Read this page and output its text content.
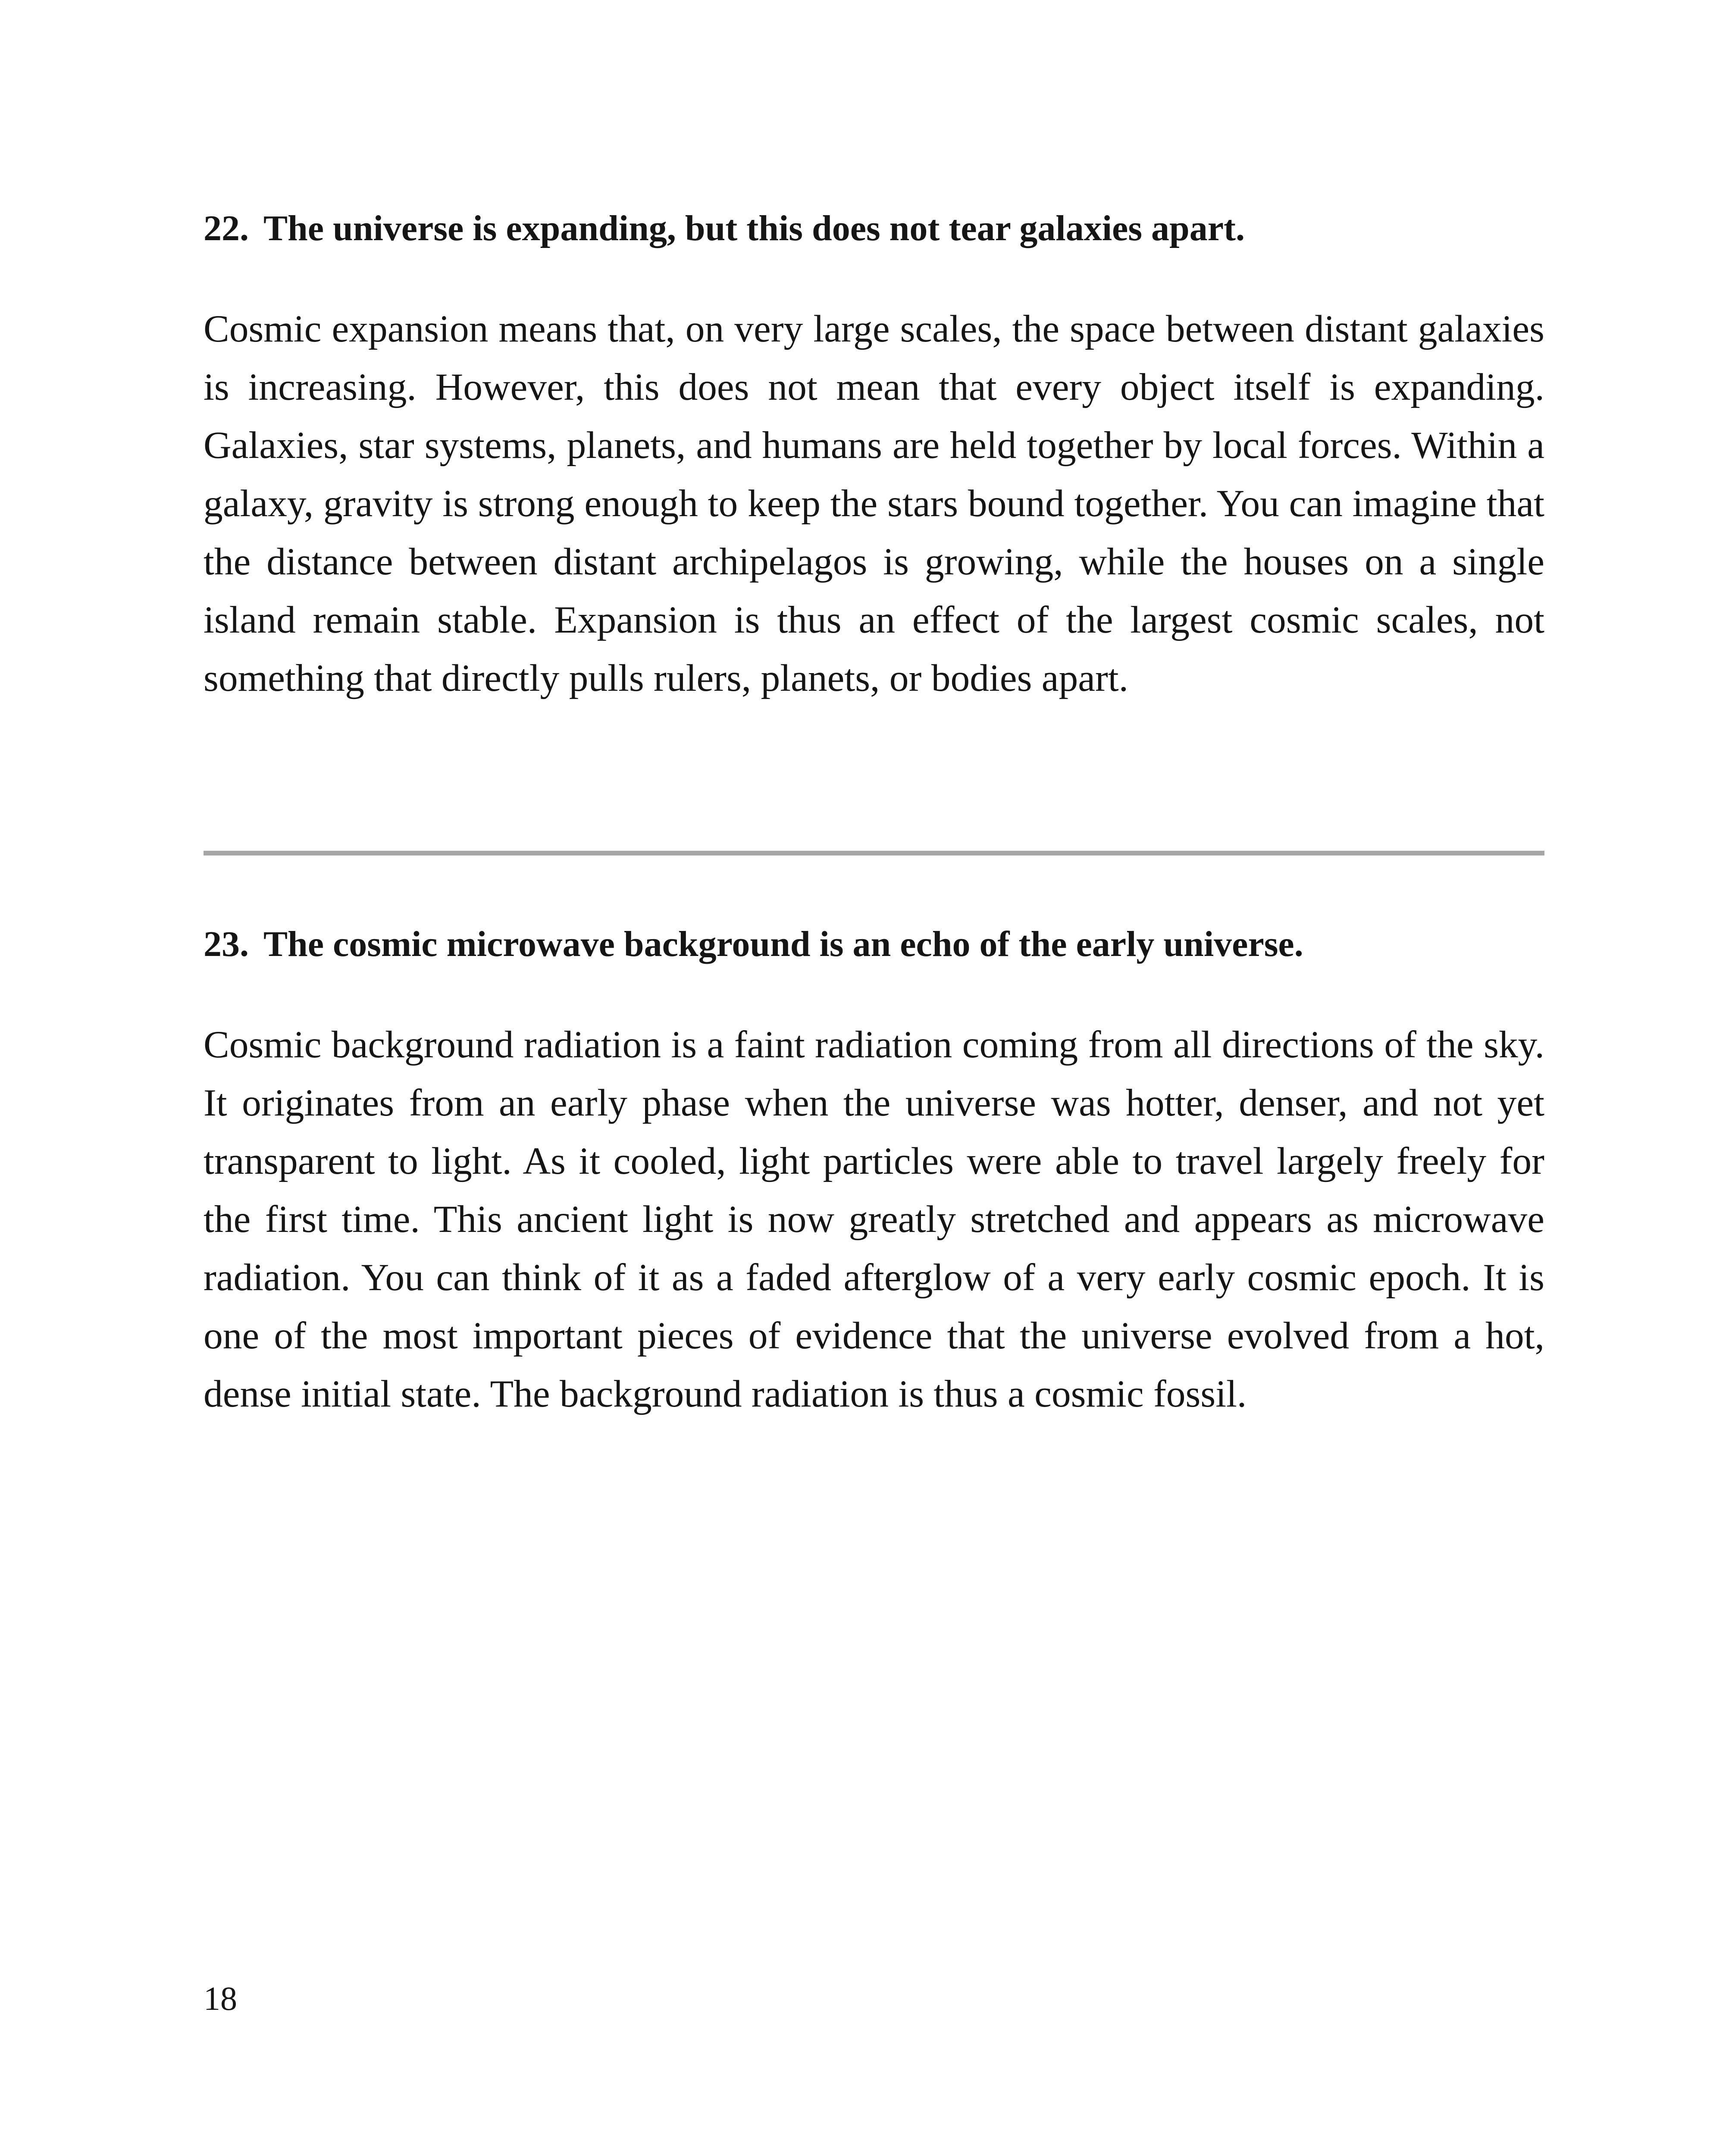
22. The universe is expanding, but this does not tear galaxies apart.

Cosmic expansion means that, on very large scales, the space between distant galaxies is increasing. However, this does not mean that every object itself is expanding. Galaxies, star systems, planets, and humans are held together by local forces. Within a galaxy, gravity is strong enough to keep the stars bound together. You can imagine that the distance between distant archipelagos is growing, while the houses on a single island remain stable. Expansion is thus an effect of the largest cosmic scales, not something that directly pulls rulers, planets, or bodies apart.

23. The cosmic microwave background is an echo of the early universe.

Cosmic background radiation is a faint radiation coming from all directions of the sky. It originates from an early phase when the universe was hotter, denser, and not yet transparent to light. As it cooled, light particles were able to travel largely freely for the first time. This ancient light is now greatly stretched and appears as microwave radiation. You can think of it as a faded afterglow of a very early cosmic epoch. It is one of the most important pieces of evidence that the universe evolved from a hot, dense initial state. The background radiation is thus a cosmic fossil.

18
